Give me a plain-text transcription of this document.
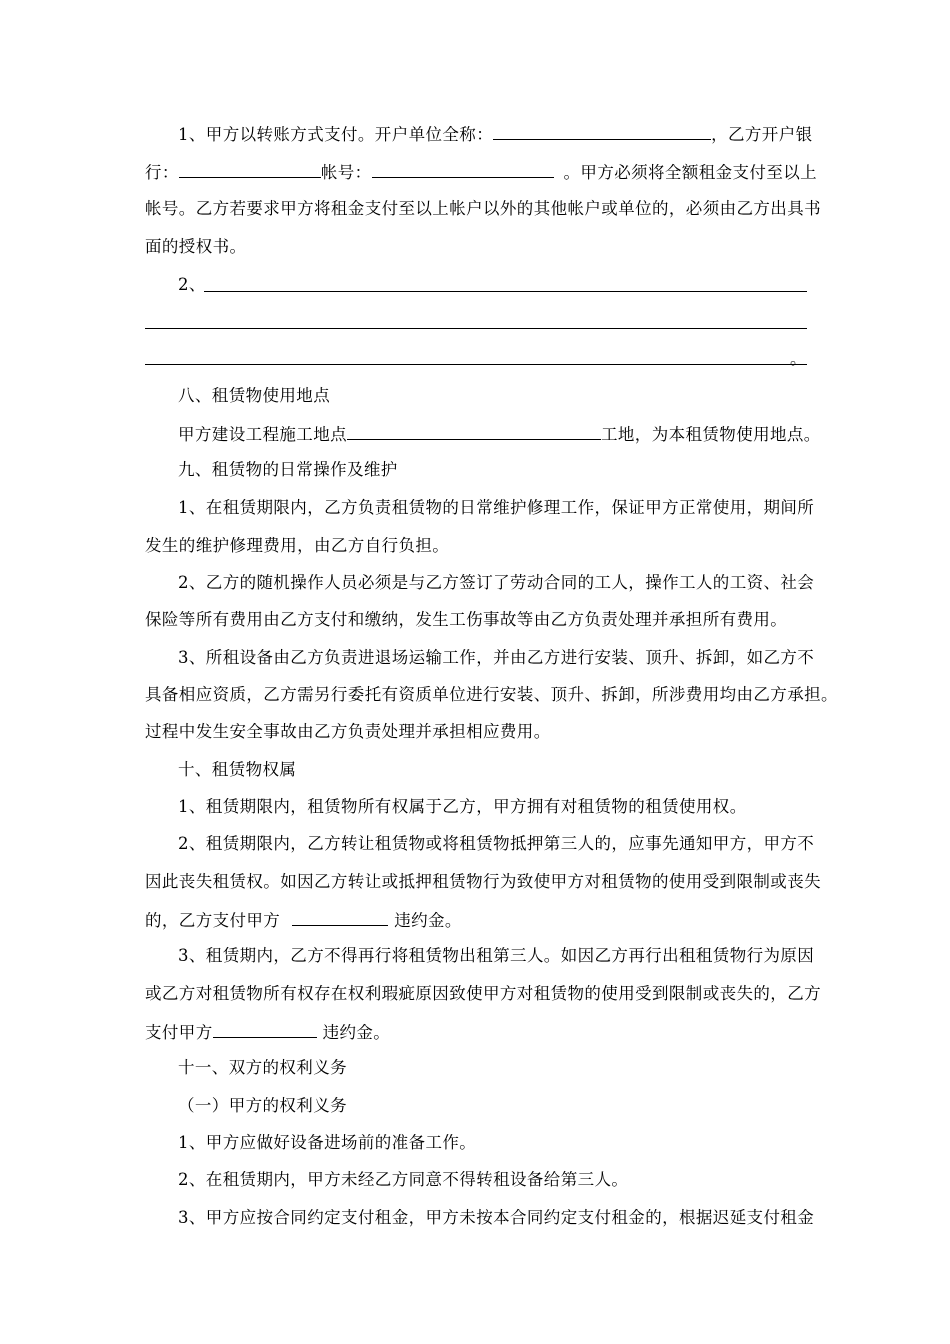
1、甲方以转账方式支付。开户单位全称：	，乙方开户银
行：	帐号：	。甲方必须将全额租金支付至以上
帐号。乙方若要求甲方将租金支付至以上帐户以外的其他帐户或单位的，必须由乙方出具书
面的授权书。
2、
。
八、租赁物使用地点
甲方建设工程施工地点	工地，为本租赁物使用地点。
九、租赁物的日常操作及维护
1、在租赁期限内，乙方负责租赁物的日常维护修理工作，保证甲方正常使用，期间所
发生的维护修理费用，由乙方自行负担。
2、乙方的随机操作人员必须是与乙方签订了劳动合同的工人，操作工人的工资、社会
保险等所有费用由乙方支付和缴纳，发生工伤事故等由乙方负责处理并承担所有费用。
3、所租设备由乙方负责进退场运输工作，并由乙方进行安装、顶升、拆卸，如乙方不
具备相应资质，乙方需另行委托有资质单位进行安装、顶升、拆卸，所涉费用均由乙方承担。
过程中发生安全事故由乙方负责处理并承担相应费用。
十、租赁物权属
1、租赁期限内，租赁物所有权属于乙方，甲方拥有对租赁物的租赁使用权。
2、租赁期限内，乙方转让租赁物或将租赁物抵押第三人的，应事先通知甲方，甲方不
因此丧失租赁权。如因乙方转让或抵押租赁物行为致使甲方对租赁物的使用受到限制或丧失
的，乙方支付甲方	违约金。
3、租赁期内，乙方不得再行将租赁物出租第三人。如因乙方再行出租租赁物行为原因
或乙方对租赁物所有权存在权利瑕疵原因致使甲方对租赁物的使用受到限制或丧失的，乙方
支付甲方	违约金。
十一、双方的权利义务
（一）甲方的权利义务
1、甲方应做好设备进场前的准备工作。
2、在租赁期内，甲方未经乙方同意不得转租设备给第三人。
3、甲方应按合同约定支付租金，甲方未按本合同约定支付租金的，根据迟延支付租金
